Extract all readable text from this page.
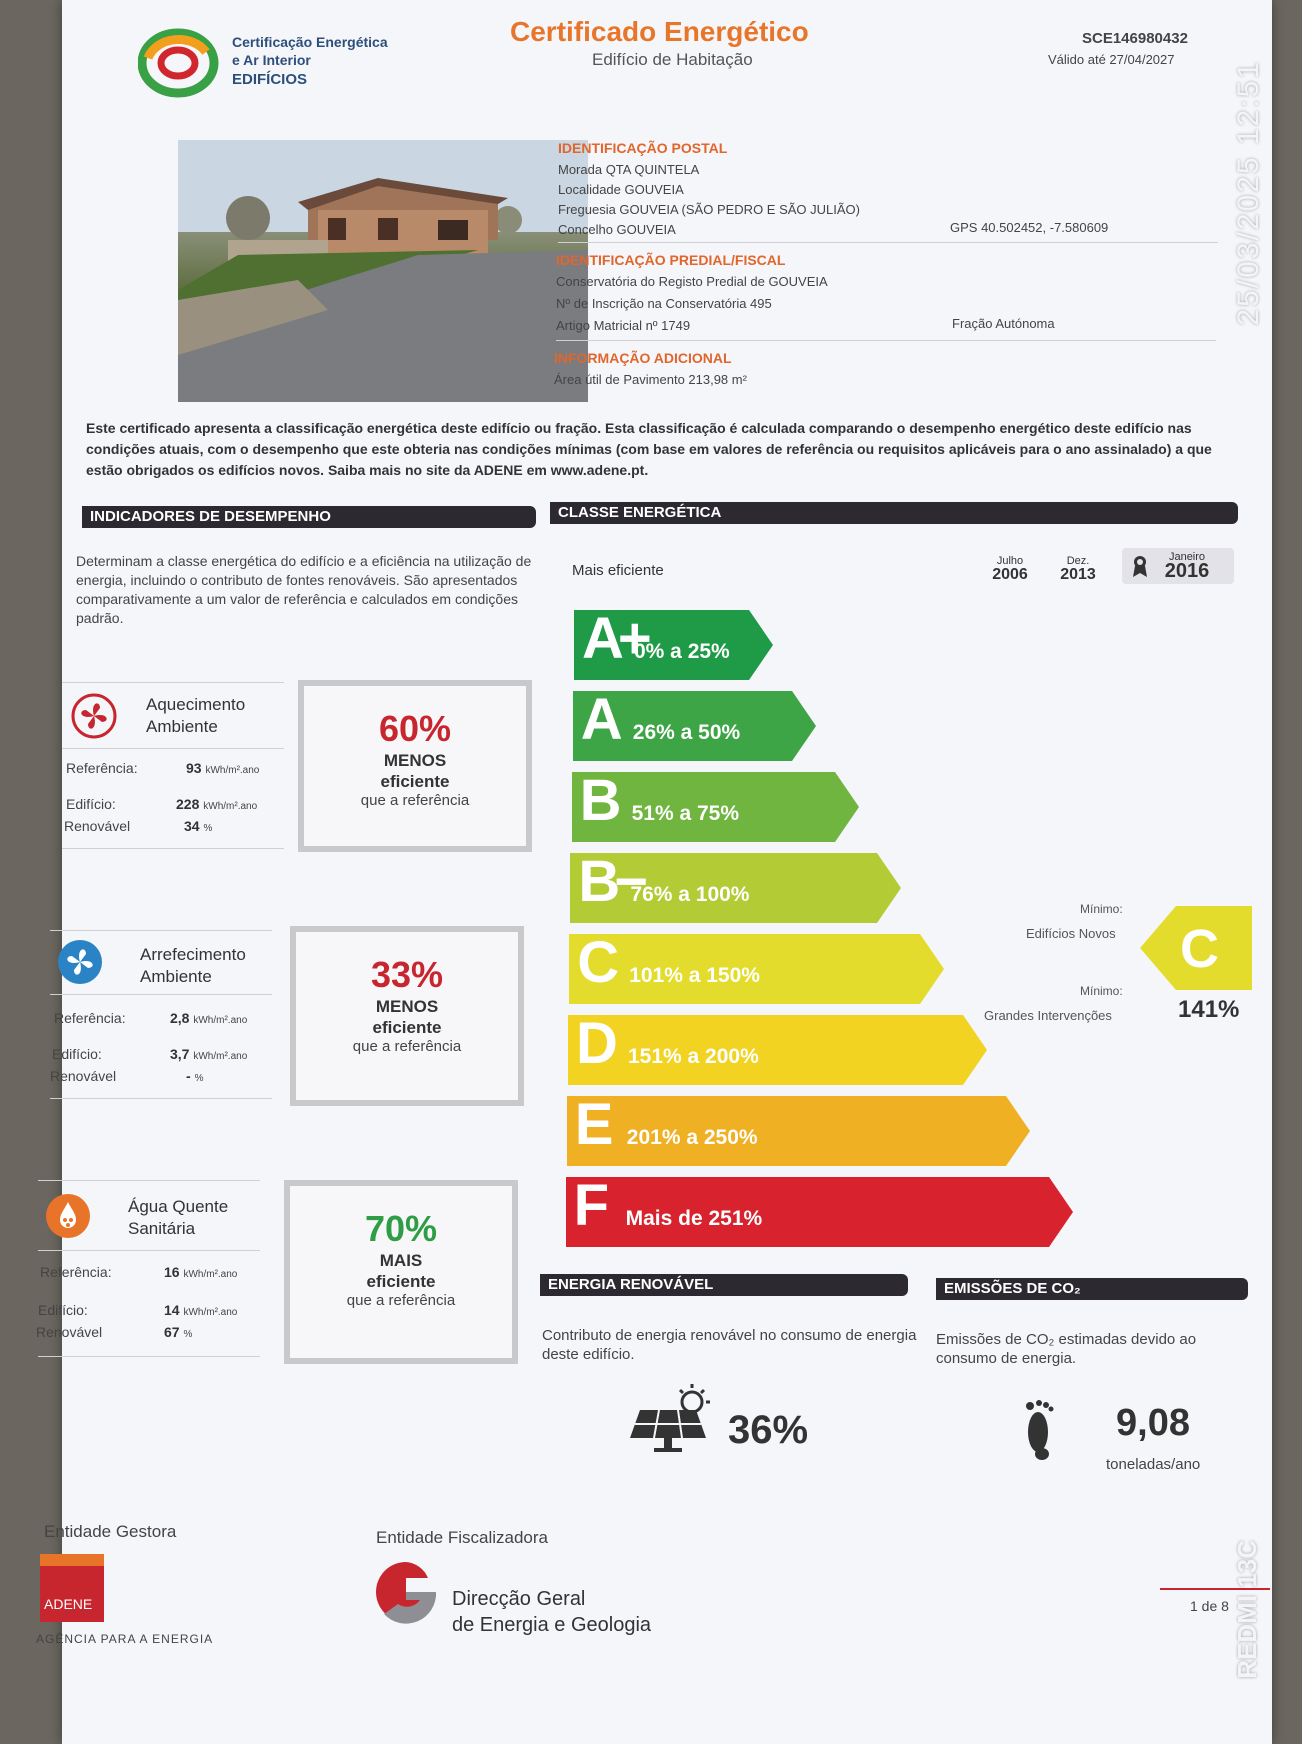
Certificação Energética
e Ar Interior
EDIFÍCIOS
Certificado Energético
Edifício de Habitação
SCE146980432
Válido até 27/04/2027
IDENTIFICAÇÃO POSTAL
Morada QTA QUINTELA
Localidade GOUVEIA
Freguesia GOUVEIA (SÃO PEDRO E SÃO JULIÃO)
Concelho GOUVEIA	GPS 40.502452, -7.580609
IDENTIFICAÇÃO PREDIAL/FISCAL
Conservatória do Registo Predial de GOUVEIA
Nº de Inscrição na Conservatória 495
Artigo Matricial nº 1749	Fração Autónoma
INFORMAÇÃO ADICIONAL
Área útil de Pavimento 213,98 m²
Este certificado apresenta a classificação energética deste edifício ou fração. Esta classificação é calculada comparando o desempenho energético deste edifício nas condições atuais, com o desempenho que este obteria nas condições mínimas (com base em valores de referência ou requisitos aplicáveis para o ano assinalado) a que estão obrigados os edifícios novos. Saiba mais no site da ADENE em www.adene.pt.
INDICADORES DE DESEMPENHO	CLASSE ENERGÉTICA
Determinam a classe energética do edifício e a eficiência na utilização de energia, incluindo o contributo de fontes renováveis. São apresentados comparativamente a um valor de referência e calculados em condições padrão.
Aquecimento
Ambiente
Referência:	93 kWh/m².ano
Edifício:	228 kWh/m².ano
Renovável	34 %
60%
MENOS
eficiente
que a referência
Arrefecimento
Ambiente
Referência:	2,8 kWh/m².ano
Edifício:	3,7 kWh/m².ano
Renovável	- %
33%
MENOS
eficiente
que a referência
Água Quente
Sanitária
Referência:	16 kWh/m².ano
Edifício:	14 kWh/m².ano
Renovável	67 %
70%
MAIS
eficiente
que a referência
Mais eficiente
Julho
2006
Dez.
2013
Janeiro
2016
A+
0% a 25%
A 26% a 50%
B 51% a 75%
B−
76% a 100%
C 101% a 150%
D 151% a 200%
E 201% a 250%
F Mais de 251%
Mínimo:
Edifícios Novos
Mínimo:
Grandes Intervenções
C
141%
ENERGIA RENOVÁVEL	EMISSÕES DE CO₂
Contributo de energia renovável no consumo de energia deste edifício.
Emissões de CO₂ estimadas devido ao consumo de energia.
36%	9,08
toneladas/ano
Entidade Gestora
ADENE
AGÊNCIA PARA A ENERGIA
Entidade Fiscalizadora
Direcção Geral
de Energia e Geologia
1 de 8
25/03/2025 12:51
REDMI 13C
